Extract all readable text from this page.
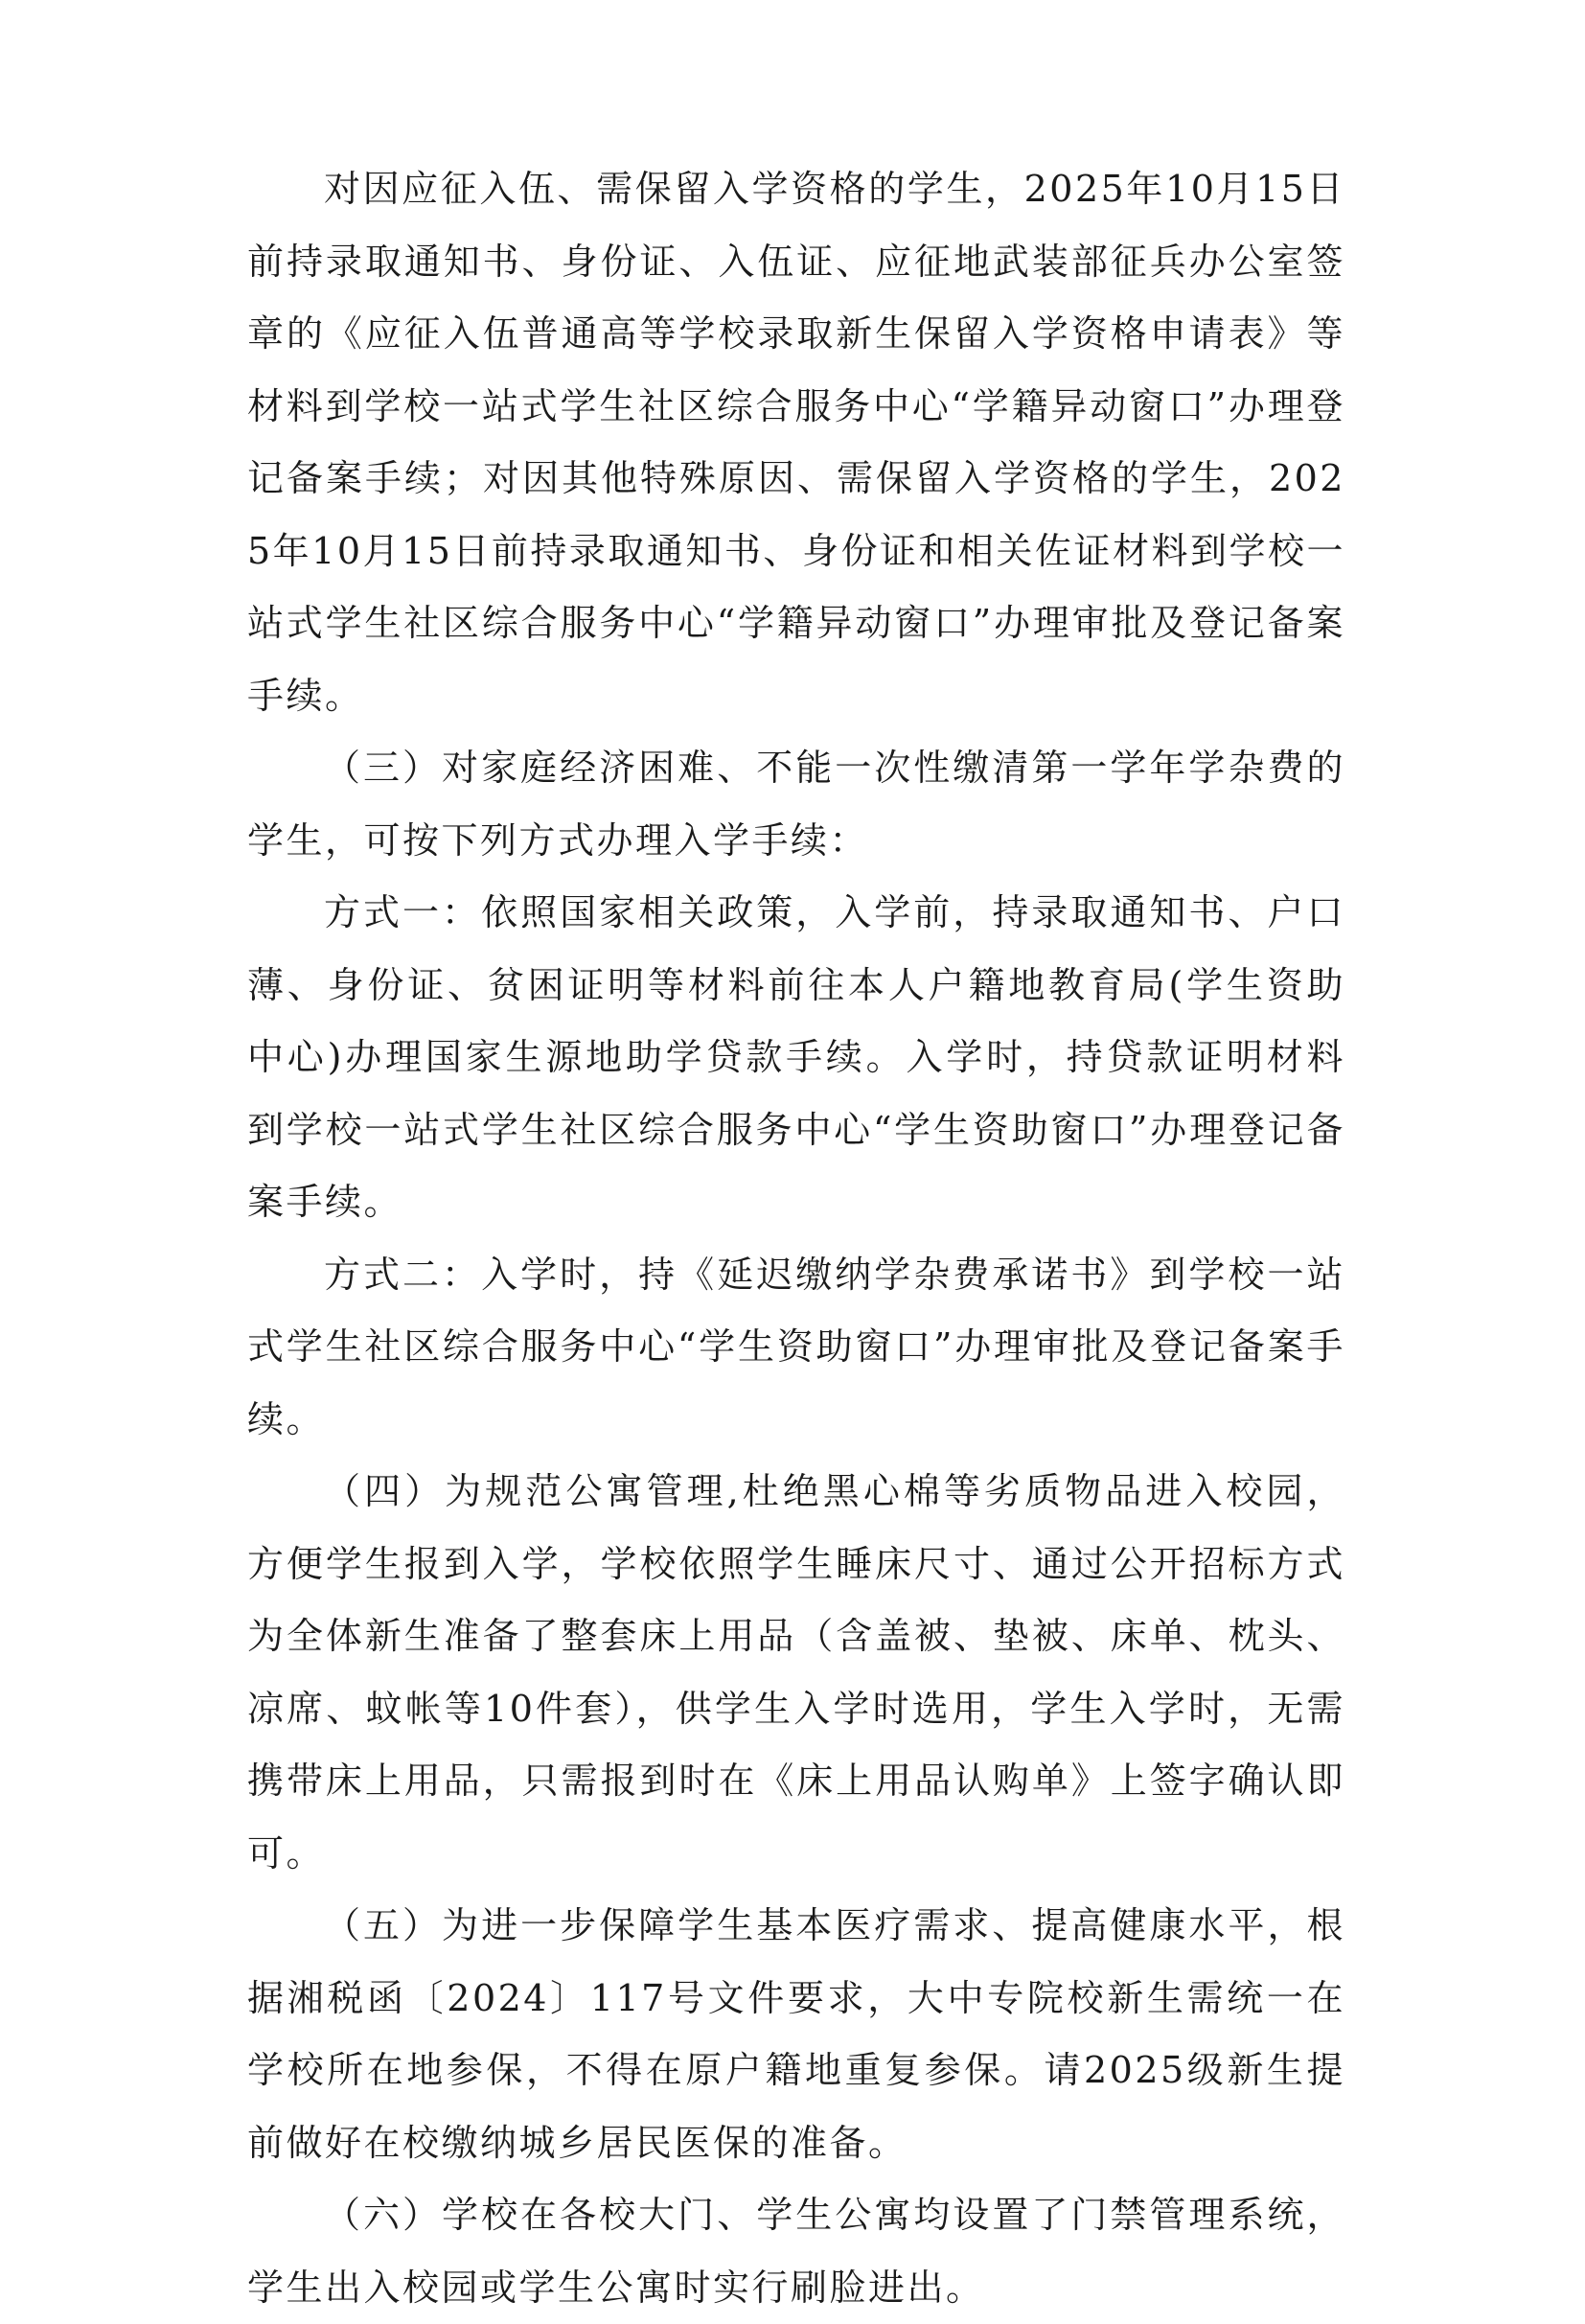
对因应征入伍、需保留入学资格的学生，2025年10月15日前持录取通知书、身份证、入伍证、应征地武装部征兵办公室签章的《应征入伍普通高等学校录取新生保留入学资格申请表》等材料到学校一站式学生社区综合服务中心“学籍异动窗口”办理登记备案手续；对因其他特殊原因、需保留入学资格的学生，2025年10月15日前持录取通知书、身份证和相关佐证材料到学校一站式学生社区综合服务中心“学籍异动窗口”办理审批及登记备案手续。

（三）对家庭经济困难、不能一次性缴清第一学年学杂费的学生，可按下列方式办理入学手续：

方式一：依照国家相关政策，入学前，持录取通知书、户口薄、身份证、贫困证明等材料前往本人户籍地教育局(学生资助中心)办理国家生源地助学贷款手续。入学时，持贷款证明材料到学校一站式学生社区综合服务中心“学生资助窗口”办理登记备案手续。

方式二：入学时，持《延迟缴纳学杂费承诺书》到学校一站式学生社区综合服务中心“学生资助窗口”办理审批及登记备案手续。

（四）为规范公寓管理,杜绝黑心棉等劣质物品进入校园，方便学生报到入学，学校依照学生睡床尺寸、通过公开招标方式为全体新生准备了整套床上用品（含盖被、垫被、床单、枕头、凉席、蚊帐等10件套），供学生入学时选用，学生入学时，无需携带床上用品，只需报到时在《床上用品认购单》上签字确认即可。

（五）为进一步保障学生基本医疗需求、提高健康水平，根据湘税函〔2024〕117号文件要求，大中专院校新生需统一在学校所在地参保，不得在原户籍地重复参保。请2025级新生提前做好在校缴纳城乡居民医保的准备。

（六）学校在各校大门、学生公寓均设置了门禁管理系统，学生出入校园或学生公寓时实行刷脸进出。
